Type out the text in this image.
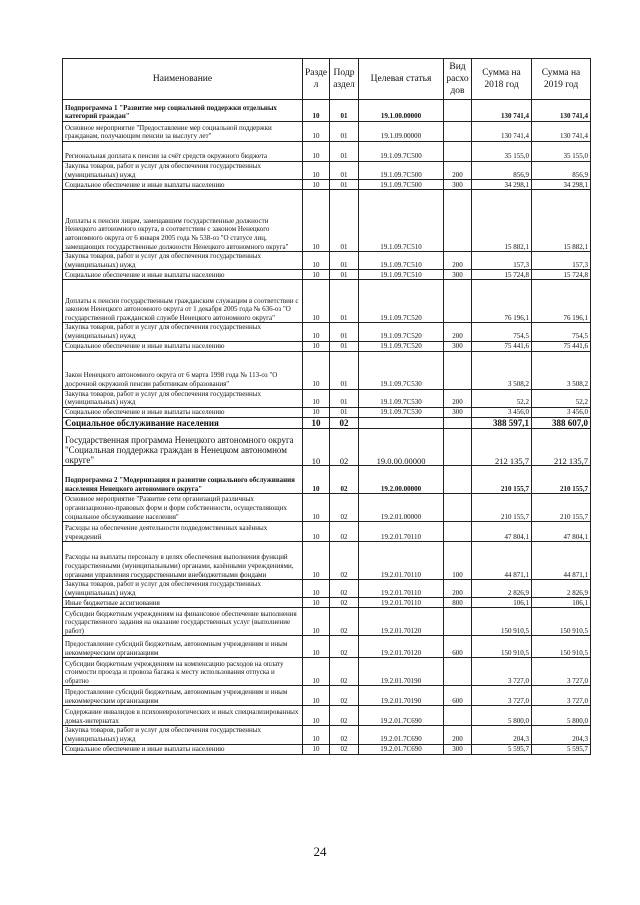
Наименование	Разде л	Подр аздел	Целевая статья	Вид расхо дов	Сумма на 2018 год	Сумма на 2019 год
Подпрограмма 1 "Развитие мер социальной поддержки отдельных категорий граждан"	10	01	19.1.00.00000		130 741,4	130 741,4
Основное мероприятие "Предоставление мер социальной поддержки гражданам, получающим пенсии за выслугу лет"	10	01	19.1.09.00000		130 741,4	130 741,4
Региональная доплата к пенсии за счёт средств окружного бюджета	10	01	19.1.09.7С500		35 155,0	35 155,0
Закупка товаров, работ и услуг для обеспечения государственных (муниципальных) нужд	10	01	19.1.09.7С500	200	856,9	856,9
Социальное обеспечение и иные выплаты населению	10	01	19.1.09.7С500	300	34 298,1	34 298,1
Доплаты к пенсии лицам, замещавшим государственные должности Ненецкого автономного округа, в соответствии с законом Ненецкого автономного округа от 6 января 2005 года № 538-оз "О статусе лиц, замещающих государственные должности Ненецкого автономного округа"	10	01	19.1.09.7С510		15 882,1	15 882,1
Закупка товаров, работ и услуг для обеспечения государственных (муниципальных) нужд	10	01	19.1.09.7С510	200	157,3	157,3
Социальное обеспечение и иные выплаты населению	10	01	19.1.09.7С510	300	15 724,8	15 724,8
Доплаты к пенсии государственным гражданским служащим в соответствии с законом Ненецкого автономного округа от 1 декабря 2005 года № 636-оз "О государственной гражданской службе Ненецкого автономного округа"	10	01	19.1.09.7С520		76 196,1	76 196,1
Закупка товаров, работ и услуг для обеспечения государственных (муниципальных) нужд	10	01	19.1.09.7С520	200	754,5	754,5
Социальное обеспечение и иные выплаты населению	10	01	19.1.09.7С520	300	75 441,6	75 441,6
Закон Ненецкого автономного округа от 6 марта 1998 года № 113-оз "О досрочной окружной пенсии работникам образования"	10	01	19.1.09.7С530		3 508,2	3 508,2
Закупка товаров, работ и услуг для обеспечения государственных (муниципальных) нужд	10	01	19.1.09.7С530	200	52,2	52,2
Социальное обеспечение и иные выплаты населению	10	01	19.1.09.7С530	300	3 456,0	3 456,0
Социальное обслуживание населения	10	02			388 597,1	388 607,0
Государственная программа Ненецкого автономного округа "Социальная поддержка граждан в Ненецком автономном округе"	10	02	19.0.00.00000		212 135,7	212 135,7
Подпрограмма 2 "Модернизация и развитие социального обслуживания населения Ненецкого автономного округа"	10	02	19.2.00.00000		210 155,7	210 155,7
Основное мероприятие "Развитие сети организаций различных организационно-правовых форм и форм собственности, осуществляющих социальное обслуживание населения"	10	02	19.2.01.00000		210 155,7	210 155,7
Расходы на обеспечение деятельности подведомственных казённых учреждений	10	02	19.2.01.70110		47 804,1	47 804,1
Расходы на выплаты персоналу в целях обеспечения выполнения функций государственными (муниципальными) органами, казёнными учреждениями, органами управления государственными внебюджетными фондами	10	02	19.2.01.70110	100	44 871,1	44 871,1
Закупка товаров, работ и услуг для обеспечения государственных (муниципальных) нужд	10	02	19.2.01.70110	200	2 826,9	2 826,9
Иные бюджетные ассигнования	10	02	19.2.01.70110	800	106,1	106,1
Субсидии бюджетным учреждениям на финансовое обеспечение выполнения государственного задания на оказание государственных услуг (выполнение работ)	10	02	19.2.01.70120		150 910,5	150 910,5
Предоставление субсидий бюджетным, автономным учреждениям и иным некоммерческим организациям	10	02	19.2.01.70120	600	150 910,5	150 910,5
Субсидии бюджетным учреждениям на компенсацию расходов на оплату стоимости проезда и провоза багажа к месту использования отпуска и обратно	10	02	19.2.01.70190		3 727,0	3 727,0
Предоставление субсидий бюджетным, автономным учреждениям и иным некоммерческим организациям	10	02	19.2.01.70190	600	3 727,0	3 727,0
Содержание инвалидов в психоневрологических и иных специализированных домах-интернатах	10	02	19.2.01.7С690		5 800,0	5 800,0
Закупка товаров, работ и услуг для обеспечения государственных (муниципальных) нужд	10	02	19.2.01.7С690	200	204,3	204,3
Социальное обеспечение и иные выплаты населению	10	02	19.2.01.7С690	300	5 595,7	5 595,7
24
